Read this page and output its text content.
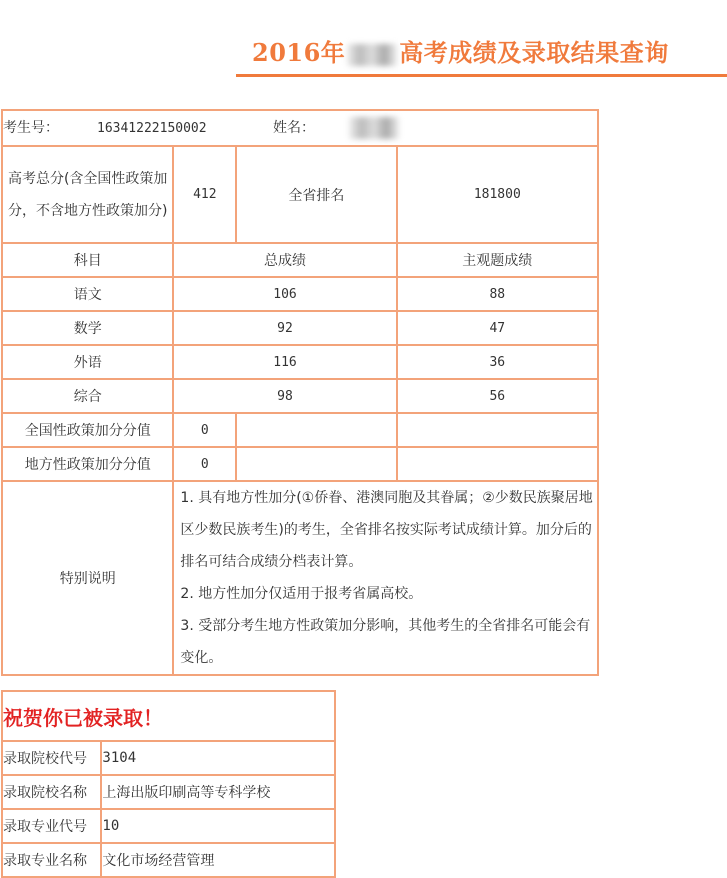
2016年 高考成绩及录取结果查询
考生号： 16341222150002 姓名：			
高考总分(含全国性政策加分，不含地方性政策加分)	412	全省排名	181800
科目	总成绩		主观题成绩
语文	106		88
数学	92		47
外语	116		36
综合	98		56
全国性政策加分分值	0		
地方性政策加分分值	0		
特别说明	1. 具有地方性加分(①侨眷、港澳同胞及其眷属；②少数民族聚居地区少数民族考生)的考生，全省排名按实际考试成绩计算。加分后的排名可结合成绩分档表计算。

2. 地方性加分仅适用于报考省属高校。

3. 受部分考生地方性政策加分影响，其他考生的全省排名可能会有变化。		

祝贺你已被录取！	
录取院校代号	3104
录取院校名称	上海出版印刷高等专科学校
录取专业代号	10
录取专业名称	文化市场经营管理
